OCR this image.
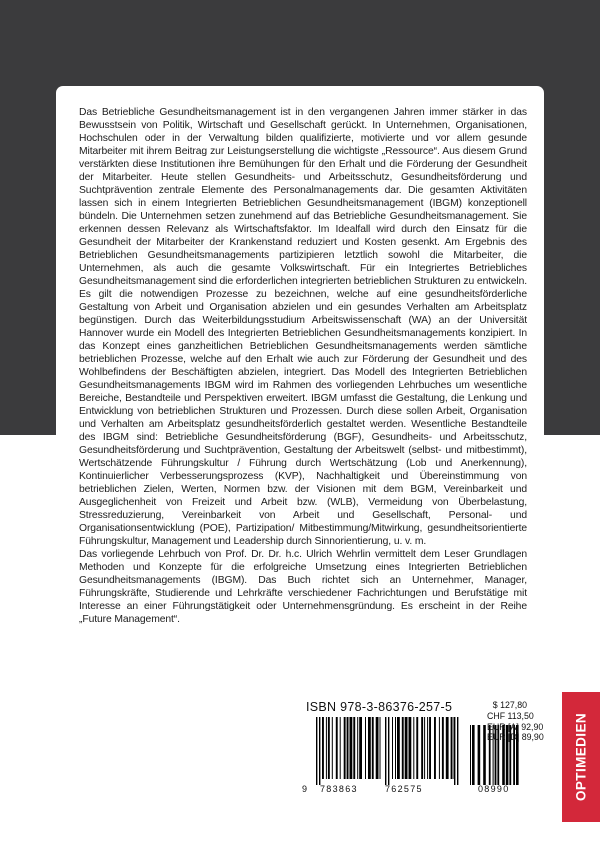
Das Betriebliche Gesundheitsmanagement ist in den vergangenen Jahren immer stärker in das Bewusstsein von Politik, Wirtschaft und Gesellschaft gerückt. In Unternehmen, Organisationen, Hochschulen oder in der Verwaltung bilden qualifizierte, motivierte und vor allem gesunde Mitarbeiter mit ihrem Beitrag zur Leistungserstellung die wichtigste „Ressource“. Aus diesem Grund verstärkten diese Institutionen ihre Bemühungen für den Erhalt und die Förderung der Gesundheit der Mitarbeiter. Heute stellen Gesundheits- und Arbeitsschutz, Gesundheitsförderung und Suchtprävention zentrale Elemente des Personalmanagements dar. Die gesamten Aktivitäten lassen sich in einem Integrierten Betrieblichen Gesundheitsmanagement (IBGM) konzeptionell bündeln. Die Unternehmen setzen zunehmend auf das Betriebliche Gesundheitsmanagement. Sie erkennen dessen Relevanz als Wirtschaftsfaktor. Im Idealfall wird durch den Einsatz für die Gesundheit der Mitarbeiter der Krankenstand reduziert und Kosten gesenkt. Am Ergebnis des Betrieblichen Gesundheitsmanagements partizipieren letztlich sowohl die Mitarbeiter, die Unternehmen, als auch die gesamte Volkswirtschaft. Für ein Integriertes Betriebliches Gesundheitsmanagement sind die erforderlichen integrierten betrieblichen Strukturen zu entwickeln. Es gilt die notwendigen Prozesse zu bezeichnen, welche auf eine gesundheitsförderliche Gestaltung von Arbeit und Organisation abzielen und ein gesundes Verhalten am Arbeitsplatz begünstigen. Durch das Weiterbildungsstudium Arbeitswissenschaft (WA) an der Universität Hannover wurde ein Modell des Integrierten Betrieblichen Gesundheitsmanagements konzipiert. In das Konzept eines ganzheitlichen Betrieblichen Gesundheitsmanagements werden sämtliche betrieblichen Prozesse, welche auf den Erhalt wie auch zur Förderung der Gesundheit und des Wohlbefindens der Beschäftigten abzielen, integriert. Das Modell des Integrierten Betrieblichen Gesundheitsmanagements IBGM wird im Rahmen des vorliegenden Lehrbuches um wesentliche Bereiche, Bestandteile und Perspektiven erweitert. IBGM umfasst die Gestaltung, die Lenkung und Entwicklung von betrieblichen Strukturen und Prozessen. Durch diese sollen Arbeit, Organisation und Verhalten am Arbeitsplatz gesundheitsförderlich gestaltet werden. Wesentliche Bestandteile des IBGM sind: Betriebliche Gesundheitsförderung (BGF), Gesundheits- und Arbeitsschutz, Gesundheitsförderung und Suchtprävention, Gestaltung der Arbeitswelt (selbst- und mitbestimmt), Wertschätzende Führungskultur / Führung durch Wertschätzung (Lob und Anerkennung), Kontinuierlicher Verbesserungsprozess (KVP), Nachhaltigkeit und Übereinstimmung von betrieblichen Zielen, Werten, Normen bzw. der Visionen mit dem BGM, Vereinbarkeit und Ausgeglichenheit von Freizeit und Arbeit bzw. (WLB), Vermeidung von Überbelastung, Stressreduzierung, Vereinbarkeit von Arbeit und Gesellschaft, Personal- und Organisationsentwicklung (POE), Partizipation/ Mitbestimmung/Mitwirkung, gesundheitsorientierte Führungskultur, Management und Leadership durch Sinnorientierung, u. v. m.

Das vorliegende Lehrbuch von Prof. Dr. Dr. h.c. Ulrich Wehrlin vermittelt dem Leser Grundlagen Methoden und Konzepte für die erfolgreiche Umsetzung eines Integrierten Betrieblichen Gesundheitsmanagements (IBGM). Das Buch richtet sich an Unternehmer, Manager, Führungskräfte, Studierende und Lehrkräfte verschiedener Fachrichtungen und Berufstätige mit Interesse an einer Führungstätigkeit oder Unternehmensgründung. Es erscheint in der Reihe „Future Management“.

ISBN 978-3-86376-257-5
9 783863	762575	08990
$ 127,80
CHF 113,50
EUR [A] 92,90
EUR [D] 89,90 OPTIMEDIEN
